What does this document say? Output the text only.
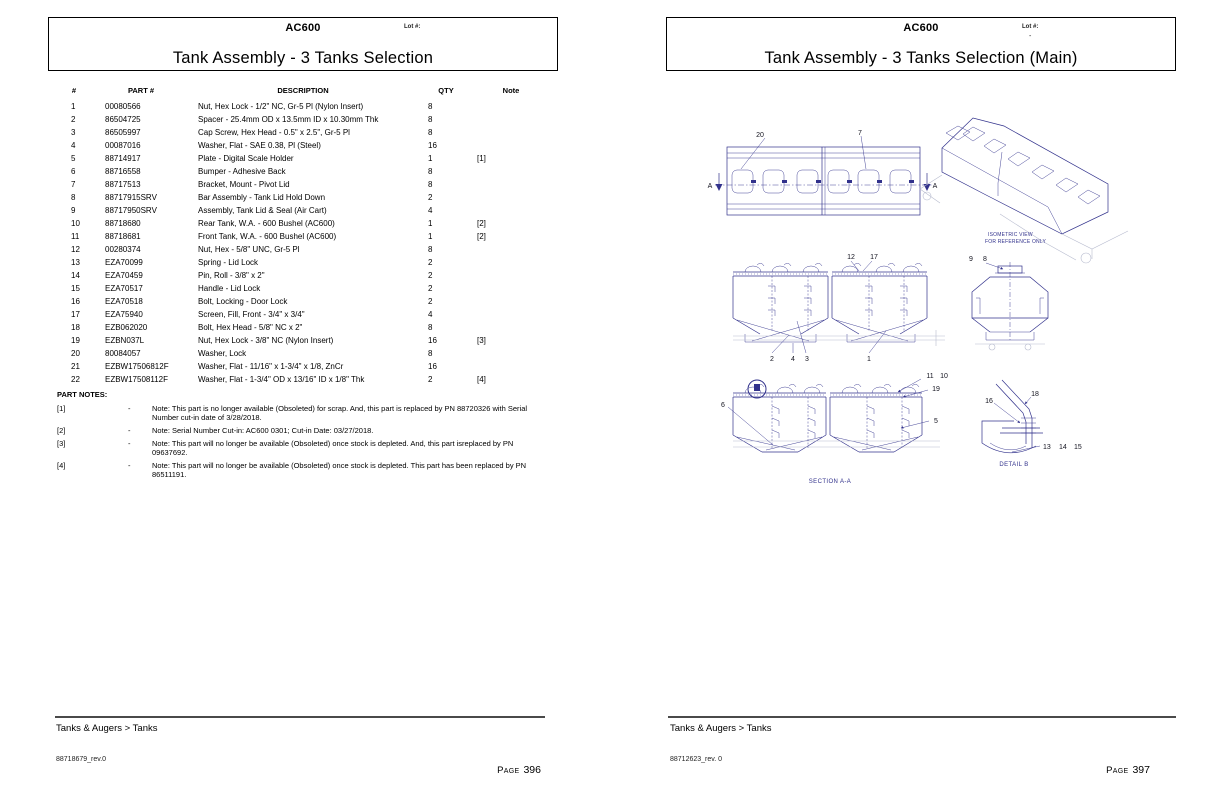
AC600	Lot #:
Tank Assembly - 3 Tanks Selection
#	PART #	DESCRIPTION	QTY	Note
1	00080566	Nut, Hex Lock - 1/2" NC, Gr-5 Pl (Nylon Insert)	8	
2	86504725	Spacer - 25.4mm OD x 13.5mm ID x 10.30mm Thk	8	
3	86505997	Cap Screw, Hex Head - 0.5" x 2.5", Gr-5 Pl	8	
4	00087016	Washer, Flat - SAE 0.38, Pl (Steel)	16	
5	88714917	Plate - Digital Scale Holder	1	[1]
6	88716558	Bumper - Adhesive Back	8	
7	88717513	Bracket, Mount - Pivot Lid	8	
8	88717915SRV	Bar Assembly - Tank Lid Hold Down	2	
9	88717950SRV	Assembly, Tank Lid & Seal (Air Cart)	4	
10	88718680	Rear Tank, W.A. - 600 Bushel (AC600)	1	[2]
11	88718681	Front Tank, W.A. - 600 Bushel (AC600)	1	[2]
12	00280374	Nut, Hex - 5/8" UNC, Gr-5 Pl	8	
13	EZA70099	Spring - Lid Lock	2	
14	EZA70459	Pin, Roll - 3/8" x 2"	2	
15	EZA70517	Handle - Lid Lock	2	
16	EZA70518	Bolt, Locking - Door Lock	2	
17	EZA75940	Screen, Fill, Front - 3/4" x 3/4"	4	
18	EZB062020	Bolt, Hex Head - 5/8" NC x 2"	8	
19	EZBN037L	Nut, Hex Lock - 3/8" NC (Nylon Insert)	16	[3]
20	80084057	Washer, Lock	8	
21	EZBW17506812F	Washer, Flat - 11/16" x 1-3/4" x 1/8, ZnCr	16	
22	EZBW17508112F	Washer, Flat - 1-3/4" OD x 13/16" ID x 1/8" Thk	2	[4]
PART NOTES:
[1]	-	Note: This part is no longer available (Obsoleted) for scrap. And, this part is replaced by PN 88720326 with Serial Number cut-in date of 3/28/2018.
[2]	-	Note: Serial Number Cut-in: AC600 0301; Cut-in Date: 03/27/2018.
[3]	-	Note: This part will no longer be available (Obsoleted) once stock is depleted. And, this part isreplaced by PN 09637692.
[4]	-	Note: This part will no longer be available (Obsoleted) once stock is depleted. This part has been replaced by PN 86511191.
Tanks & Augers > Tanks
88718679_rev.0
Page 396
AC600	Lot #:
-
Tank Assembly - 3 Tanks Selection (Main)
20	7
A	A
ISOMETRIC VIEW
FOR REFERENCE ONLY
12 17
2 4 3	1
9 8
6
11 10
19
5
SECTION A-A
16
18
13 14 15
DETAIL B
Tanks & Augers > Tanks
88712623_rev. 0
Page 397
